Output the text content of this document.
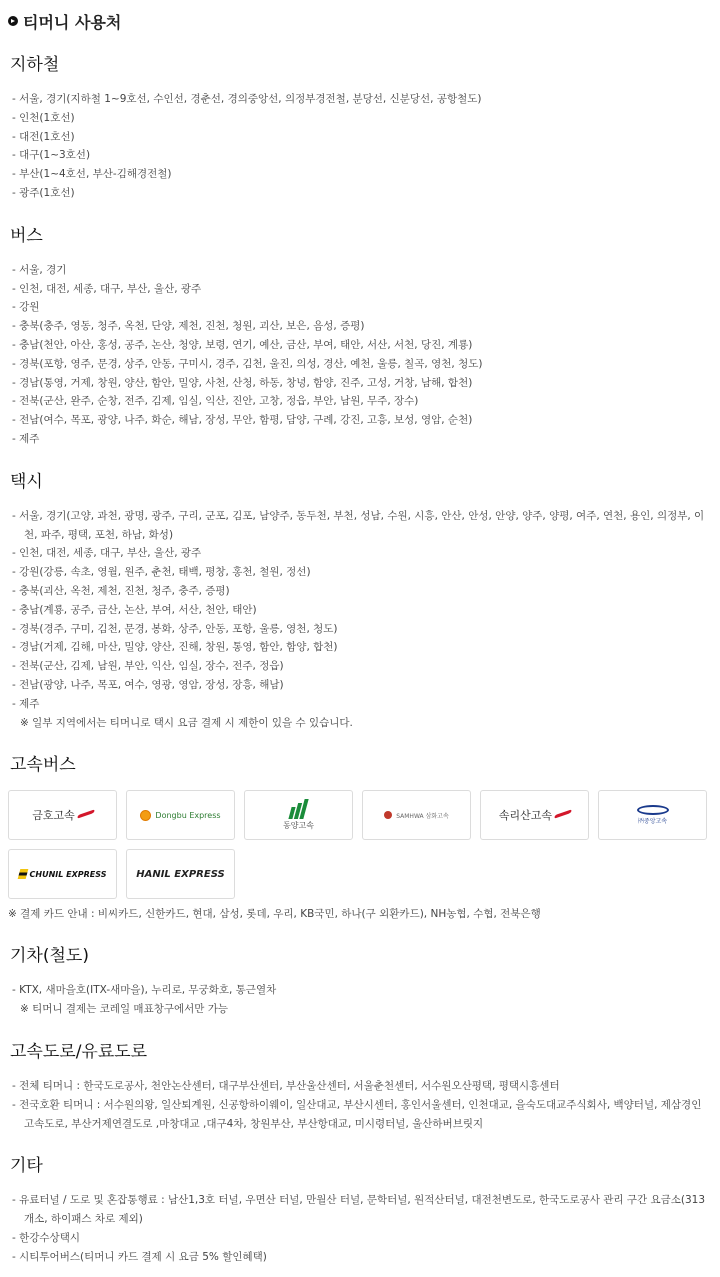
티머니 사용처
지하철
- 서울, 경기(지하철 1~9호선, 수인선, 경춘선, 경의중앙선, 의정부경전철, 분당선, 신분당선, 공항철도)
- 인천(1호선)
- 대전(1호선)
- 대구(1~3호선)
- 부산(1~4호선, 부산-김해경전철)
- 광주(1호선)
버스
- 서울, 경기
- 인천, 대전, 세종, 대구, 부산, 울산, 광주
- 강원
- 충북(충주, 영동, 청주, 옥천, 단양, 제천, 진천, 청원, 괴산, 보은, 음성, 증평)
- 충남(천안, 아산, 홍성, 공주, 논산, 청양, 보령, 연기, 예산, 금산, 부여, 태안, 서산, 서천, 당진, 계룡)
- 경북(포항, 영주, 문경, 상주, 안동, 구미시, 경주, 김천, 울진, 의성, 경산, 예천, 울릉, 칠곡, 영천, 청도)
- 경남(통영, 거제, 창원, 양산, 함안, 밀양, 사천, 산청, 하동, 창녕, 함양, 진주, 고성, 거창, 남해, 합천)
- 전북(군산, 완주, 순창, 전주, 김제, 임실, 익산, 진안, 고창, 정읍, 부안, 남원, 무주, 장수)
- 전남(여수, 목포, 광양, 나주, 화순, 해남, 장성, 무안, 함평, 담양, 구례, 강진, 고흥, 보성, 영암, 순천)
- 제주
택시
- 서울, 경기(고양, 과천, 광명, 광주, 구리, 군포, 김포, 남양주, 동두천, 부천, 성남, 수원, 시흥, 안산, 안성, 안양, 양주, 양평, 여주, 연천, 용인, 의정부, 이천, 파주, 평택, 포천, 하남, 화성)
- 인천, 대전, 세종, 대구, 부산, 울산, 광주
- 강원(강릉, 속초, 영월, 원주, 춘천, 태백, 평창, 홍천, 철원, 정선)
- 충북(괴산, 옥천, 제천, 진천, 청주, 충주, 증평)
- 충남(계룡, 공주, 금산, 논산, 부여, 서산, 천안, 태안)
- 경북(경주, 구미, 김천, 문경, 봉화, 상주, 안동, 포항, 울릉, 영천, 청도)
- 경남(거제, 김해, 마산, 밀양, 양산, 진해, 창원, 통영, 함안, 함양, 합천)
- 전북(군산, 김제, 남원, 부안, 익산, 임실, 장수, 전주, 정읍)
- 전남(광양, 나주, 목포, 여수, 영광, 영암, 장성, 장흥, 해남)
- 제주
※ 일부 지역에서는 티머니로 택시 요금 결제 시 제한이 있을 수 있습니다.
고속버스
금호고속	Dongbu Express
동양고속
SAMHWA 삼화고속	속리산고속	㈜중앙고속
CHUNIL EXPRESS	HANIL EXPRESS
※ 결제 카드 안내 : 비씨카드, 신한카드, 현대, 삼성, 롯데, 우리, KB국민, 하나(구 외환카드), NH농협, 수협, 전북은행
기차(철도)
- KTX, 새마을호(ITX-새마을), 누리로, 무궁화호, 통근열차
※ 티머니 결제는 코레일 매표창구에서만 가능
고속도로/유료도로
- 전체 티머니 : 한국도로공사, 천안논산센터, 대구부산센터, 부산울산센터, 서울춘천센터, 서수원오산평택, 평택시흥센터
- 전국호환 티머니 : 서수원의왕, 일산퇴계원, 신공항하이웨이, 일산대교, 부산시센터, 홍인서울센터, 인천대교, 을숙도대교주식회사, 백양터널, 제삼경인고속도로, 부산거제연결도로 ,마창대교 ,대구4차, 창원부산, 부산항대교, 미시령터널, 울산하버브릿지
기타
- 유료터널 / 도로 및 혼잡통행료 : 남산1,3호 터널, 우면산 터널, 만월산 터널, 문학터널, 원적산터널, 대전천변도로, 한국도로공사 관리 구간 요금소(313개소, 하이패스 차로 제외)
- 한강수상택시
- 시티투어버스(티머니 카드 결제 시 요금 5% 할인혜택)
